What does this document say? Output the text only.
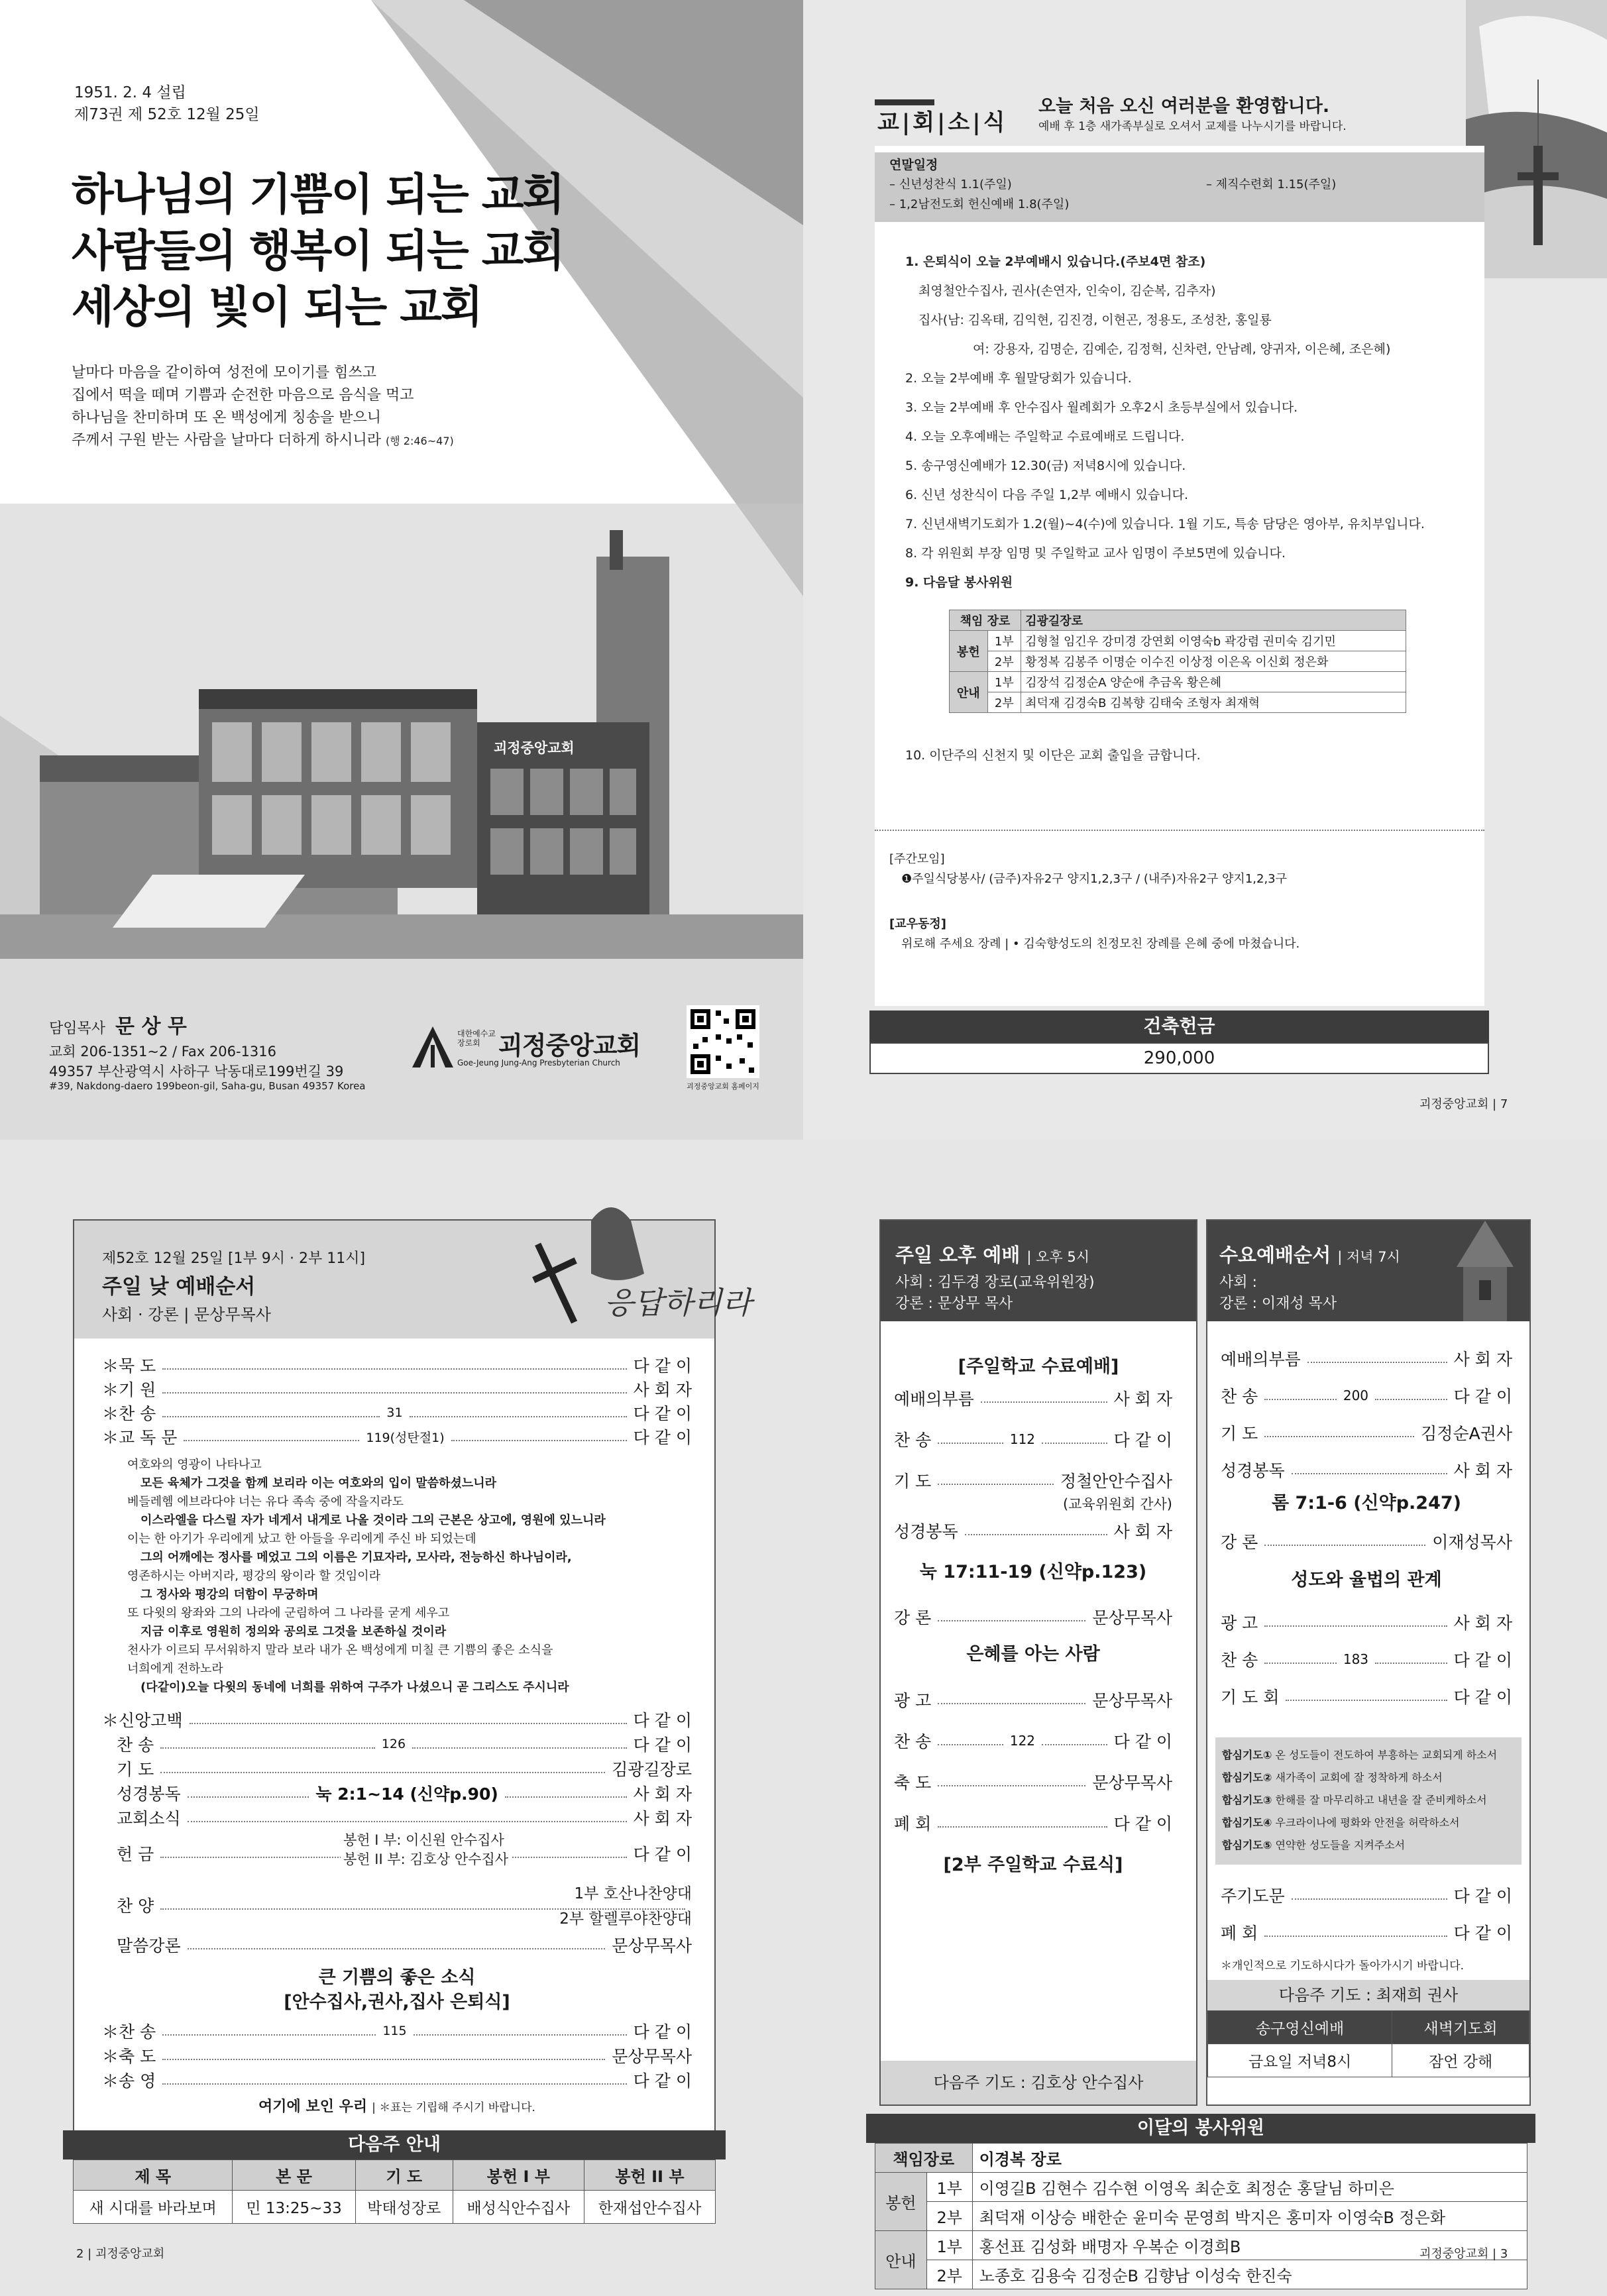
괴정중앙교회
1951. 2. 4 설립
제73권 제 52호 12월 25일
하나님의 기쁨이 되는 교회
사람들의 행복이 되는 교회
세상의 빛이 되는 교회
날마다 마음을 같이하여 성전에 모이기를 힘쓰고
집에서 떡을 떼며 기쁨과 순전한 마음으로 음식을 먹고
하나님을 찬미하며 또 온 백성에게 칭송을 받으니
주께서 구원 받는 사람을 날마다 더하게 하시니라 (행 2:46~47)
담임목사 문 상 무
교회 206-1351~2 / Fax 206-1316
49357 부산광역시 사하구 낙동대로199번길 39
#39, Nakdong-daero 199beon-gil, Saha-gu, Busan 49357 Korea
대한예수교 장로회 괴정중앙교회
Goe-Jeung Jung-Ang Presbyterian Church
괴정중앙교회 홈페이지
교|회|소|식
오늘 처음 오신 여러분을 환영합니다.
예배 후 1층 새가족부실로 오셔서 교제를 나누시기를 바랍니다.
연말일정
– 신년성찬식 1.1(주일)	– 제직수련회 1.15(주일)
– 1,2남전도회 헌신예배 1.8(주일)
1. 은퇴식이 오늘 2부예배시 있습니다.(주보4면 참조)
최영철안수집사, 권사(손연자, 인숙이, 김순복, 김추자)
집사(남: 김옥태, 김익현, 김진경, 이현곤, 정용도, 조성찬, 홍일룡
여: 강용자, 김명순, 김예순, 김정혁, 신차련, 안남례, 양귀자, 이은혜, 조은혜)
2. 오늘 2부예배 후 월말당회가 있습니다.
3. 오늘 2부예배 후 안수집사 월례회가 오후2시 초등부실에서 있습니다.
4. 오늘 오후예배는 주일학교 수료예배로 드립니다.
5. 송구영신예배가 12.30(금) 저녁8시에 있습니다.
6. 신년 성찬식이 다음 주일 1,2부 예배시 있습니다.
7. 신년새벽기도회가 1.2(월)~4(수)에 있습니다. 1월 기도, 특송 담당은 영아부, 유치부입니다.
8. 각 위원회 부장 임명 및 주일학교 교사 임명이 주보5면에 있습니다.
9. 다음달 봉사위원
책임 장로		김광길장로
봉헌	1부	김형철 임긴우 강미경 강연회 이영숙b 곽강렴 권미숙 김기민
	2부	황정복 김봉주 이명순 이수진 이상정 이은옥 이신회 정은화
안내	1부	김장석 김정순A 양순애 추금옥 황은혜
	2부	최덕재 김경숙B 김복향 김태숙 조형자 최재혁
10. 이단주의 신천지 및 이단은 교회 출입을 금합니다.
[주간모임]
❶주일식당봉사/ (금주)자유2구 양지1,2,3구 / (내주)자유2구 양지1,2,3구
[교우동정]
위로해 주세요 장례 | • 김숙향성도의 친정모친 장례를 은혜 중에 마쳤습니다.
건축헌금
290,000
괴정중앙교회 | 7
제52호 12월 25일 [1부 9시 · 2부 11시]
주일 낮 예배순서
사회 · 강론 | 문상무목사	응답하리라
＊묵 도	다 같 이
＊기 원	사 회 자
＊찬 송	31	다 같 이
＊교 독 문	119(성탄절1)	다 같 이
여호와의 영광이 나타나고
모든 육체가 그것을 함께 보리라 이는 여호와의 입이 말씀하셨느니라
베들레헴 에브라다야 너는 유다 족속 중에 작을지라도
이스라엘을 다스릴 자가 네게서 내게로 나올 것이라 그의 근본은 상고에, 영원에 있느니라
이는 한 아기가 우리에게 났고 한 아들을 우리에게 주신 바 되었는데
그의 어깨에는 정사를 메었고 그의 이름은 기묘자라, 모사라, 전능하신 하나님이라,
영존하시는 아버지라, 평강의 왕이라 할 것임이라
그 정사와 평강의 더함이 무궁하며
또 다윗의 왕좌와 그의 나라에 군림하여 그 나라를 굳게 세우고
지금 이후로 영원히 정의와 공의로 그것을 보존하실 것이라
천사가 이르되 무서워하지 말라 보라 내가 온 백성에게 미칠 큰 기쁨의 좋은 소식을
너희에게 전하노라
(다같이)오늘 다윗의 동네에 너희를 위하여 구주가 나셨으니 곧 그리스도 주시니라
＊신앙고백	다 같 이
찬 송	126	다 같 이
기 도	김광길장로
성경봉독	눅 2:1~14 (신약p.90)	사 회 자
교회소식	사 회 자
헌 금	다 같 이
봉헌 I 부: 이신원 안수집사
봉헌 II 부: 김호상 안수집사
찬 양
1부 호산나찬양대
2부 할렐루야찬양대
말씀강론	문상무목사
큰 기쁨의 좋은 소식
[안수집사,권사,집사 은퇴식]
＊찬 송	115	다 같 이
＊축 도	문상무목사
＊송 영	다 같 이
여기에 보인 우리 | ＊표는 기립해 주시기 바랍니다.
다음주 안내
제 목	본 문	기 도	봉헌 I 부	봉헌 II 부
새 시대를 바라보며	민 13:25~33	박태성장로	배성식안수집사	한재섭안수집사
2 | 괴정중앙교회
주일 오후 예배 | 오후 5시
사회 : 김두경 장로(교육위원장)
강론 : 문상무 목사
[주일학교 수료예배]
예배의부름	사 회 자
찬 송	112	다 같 이
기 도	정철안안수집사
(교육위원회 간사)
성경봉독	사 회 자
눅 17:11-19 (신약p.123)
강 론	문상무목사
은혜를 아는 사람
광 고	문상무목사
찬 송	122	다 같 이
축 도	문상무목사
폐 회	다 같 이
[2부 주일학교 수료식]
다음주 기도 : 김호상 안수집사
수요예배순서 | 저녁 7시
사회 :
강론 : 이재성 목사
예배의부름	사 회 자
찬 송	200	다 같 이
기 도	김정순A권사
성경봉독	사 회 자
롬 7:1-6 (신약p.247)
강 론	이재성목사
성도와 율법의 관계
광 고	사 회 자
찬 송	183	다 같 이
기 도 회	다 같 이
합심기도① 온 성도들이 전도하여 부흥하는 교회되게 하소서
합심기도② 새가족이 교회에 잘 정착하게 하소서
합심기도③ 한해를 잘 마무리하고 내년을 잘 준비케하소서
합심기도④ 우크라이나에 평화와 안전을 허락하소서
합심기도⑤ 연약한 성도들을 지켜주소서
주기도문	다 같 이
폐 회	다 같 이
＊개인적으로 기도하시다가 돌아가시기 바랍니다.
다음주 기도 : 최재희 권사
송구영신예배	새벽기도회
금요일 저녁8시	잠언 강해
이달의 봉사위원
책임장로		이경복 장로
봉헌	1부	이영길B 김현수 김수현 이영옥 최순호 최정순 홍달님 하미은
	2부	최덕재 이상승 배한순 윤미숙 문영희 박지은 홍미자 이영숙B 정은화
안내	1부	홍선표 김성화 배명자 우복순 이경희B
	2부	노종호 김용숙 김정순B 김향남 이성숙 한진숙
괴정중앙교회 | 3
